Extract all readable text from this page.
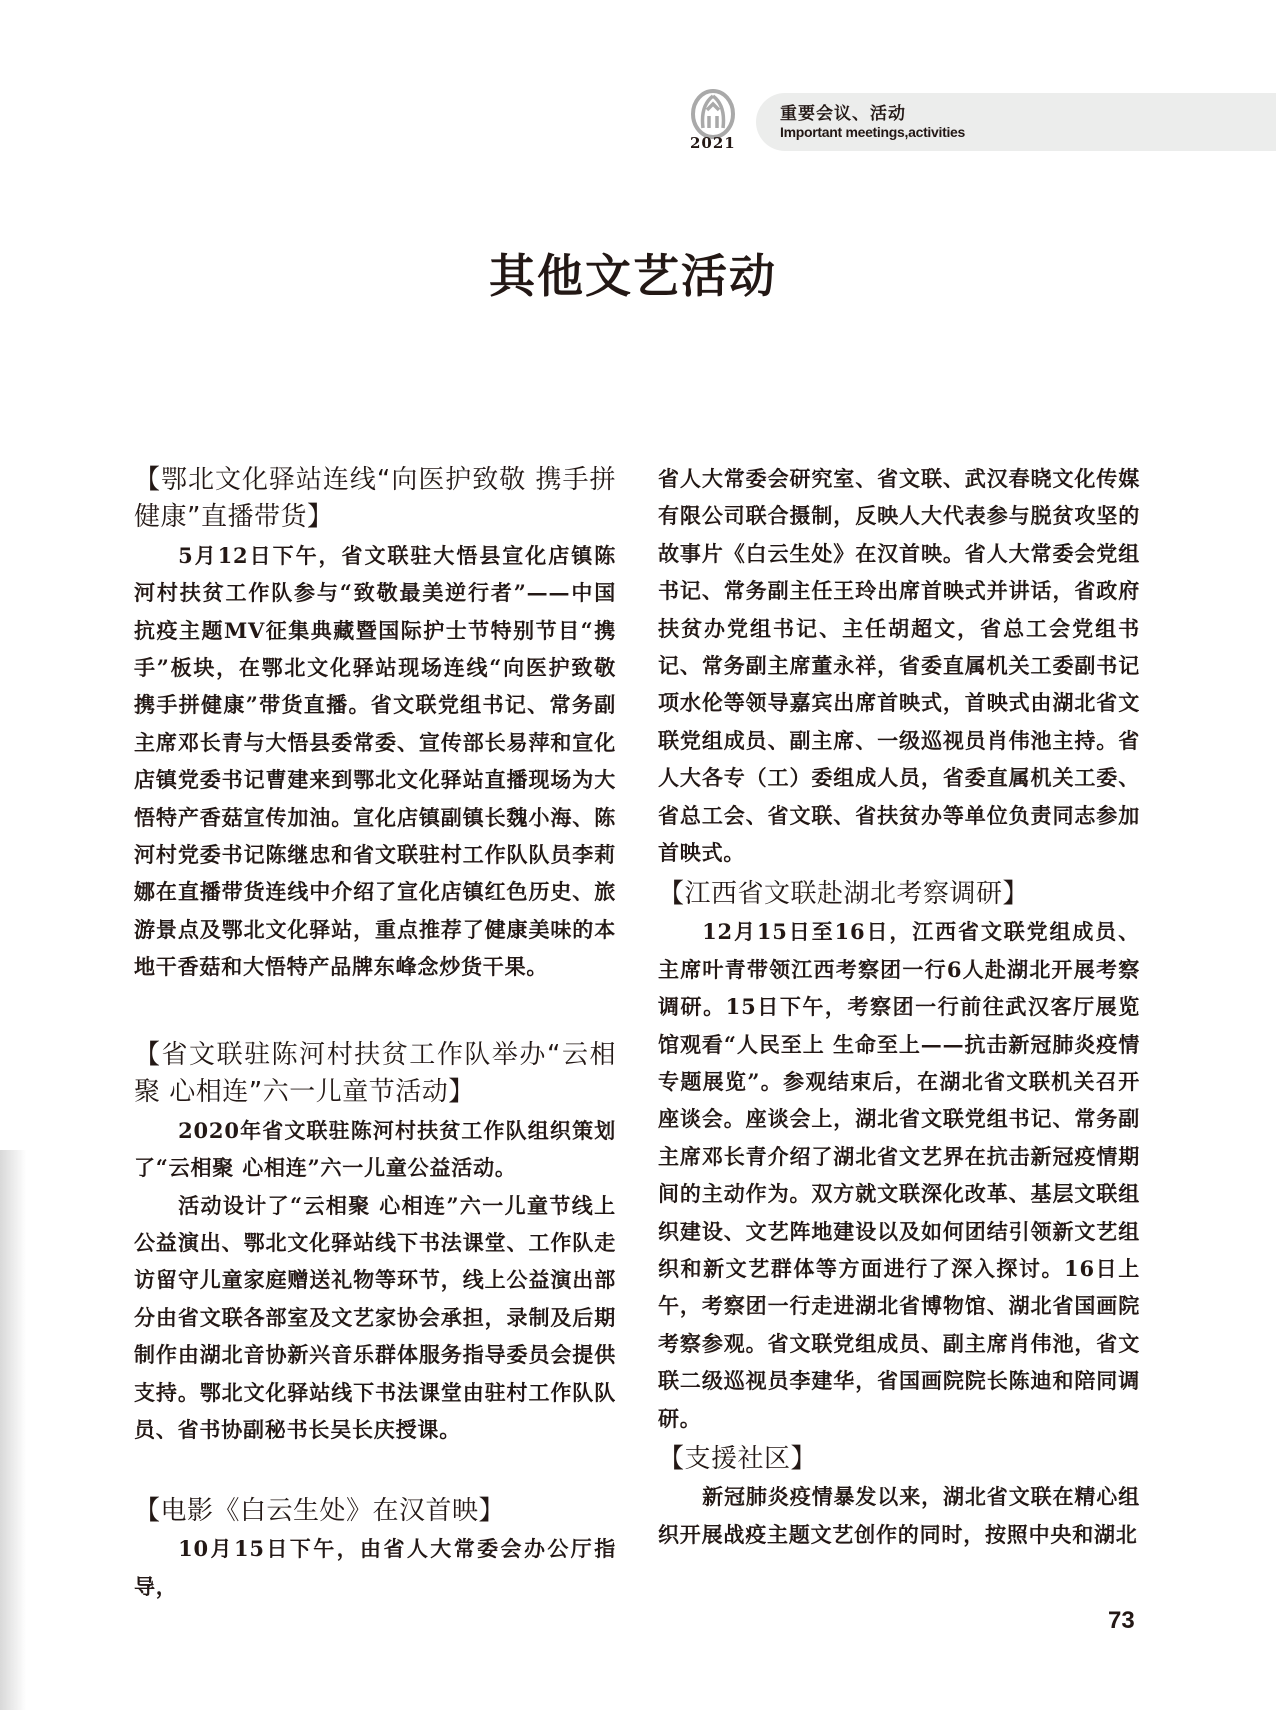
2021
重要会议、活动
Important meetings,activities
其他文艺活动

【鄂北文化驿站连线“向医护致敬 携手拼健康”直播带货】

5月12日下午，省文联驻大悟县宣化店镇陈河村扶贫工作队参与“致敬最美逆行者”——中国抗疫主题MV征集典藏暨国际护士节特别节目“携手”板块，在鄂北文化驿站现场连线“向医护致敬 携手拼健康”带货直播。省文联党组书记、常务副主席邓长青与大悟县委常委、宣传部长易萍和宣化店镇党委书记曹建来到鄂北文化驿站直播现场为大悟特产香菇宣传加油。宣化店镇副镇长魏小海、陈河村党委书记陈继忠和省文联驻村工作队队员李莉娜在直播带货连线中介绍了宣化店镇红色历史、旅游景点及鄂北文化驿站，重点推荐了健康美味的本地干香菇和大悟特产品牌东峰念炒货干果。

【省文联驻陈河村扶贫工作队举办“云相聚 心相连”六一儿童节活动】

2020年省文联驻陈河村扶贫工作队组织策划了“云相聚 心相连”六一儿童公益活动。

活动设计了“云相聚 心相连”六一儿童节线上公益演出、鄂北文化驿站线下书法课堂、工作队走访留守儿童家庭赠送礼物等环节，线上公益演出部分由省文联各部室及文艺家协会承担，录制及后期制作由湖北音协新兴音乐群体服务指导委员会提供支持。鄂北文化驿站线下书法课堂由驻村工作队队员、省书协副秘书长吴长庆授课。

【电影《白云生处》在汉首映】

10月15日下午，由省人大常委会办公厅指导，

省人大常委会研究室、省文联、武汉春晓文化传媒有限公司联合摄制，反映人大代表参与脱贫攻坚的故事片《白云生处》在汉首映。省人大常委会党组书记、常务副主任王玲出席首映式并讲话，省政府扶贫办党组书记、主任胡超文，省总工会党组书记、常务副主席董永祥，省委直属机关工委副书记项水伦等领导嘉宾出席首映式，首映式由湖北省文联党组成员、副主席、一级巡视员肖伟池主持。省人大各专（工）委组成人员，省委直属机关工委、省总工会、省文联、省扶贫办等单位负责同志参加首映式。

【江西省文联赴湖北考察调研】

12月15日至16日，江西省文联党组成员、主席叶青带领江西考察团一行6人赴湖北开展考察调研。15日下午，考察团一行前往武汉客厅展览馆观看“人民至上 生命至上——抗击新冠肺炎疫情专题展览”。参观结束后，在湖北省文联机关召开座谈会。座谈会上，湖北省文联党组书记、常务副主席邓长青介绍了湖北省文艺界在抗击新冠疫情期间的主动作为。双方就文联深化改革、基层文联组织建设、文艺阵地建设以及如何团结引领新文艺组织和新文艺群体等方面进行了深入探讨。16日上午，考察团一行走进湖北省博物馆、湖北省国画院考察参观。省文联党组成员、副主席肖伟池，省文联二级巡视员李建华，省国画院院长陈迪和陪同调研。

【支援社区】

新冠肺炎疫情暴发以来，湖北省文联在精心组织开展战疫主题文艺创作的同时，按照中央和湖北

73
